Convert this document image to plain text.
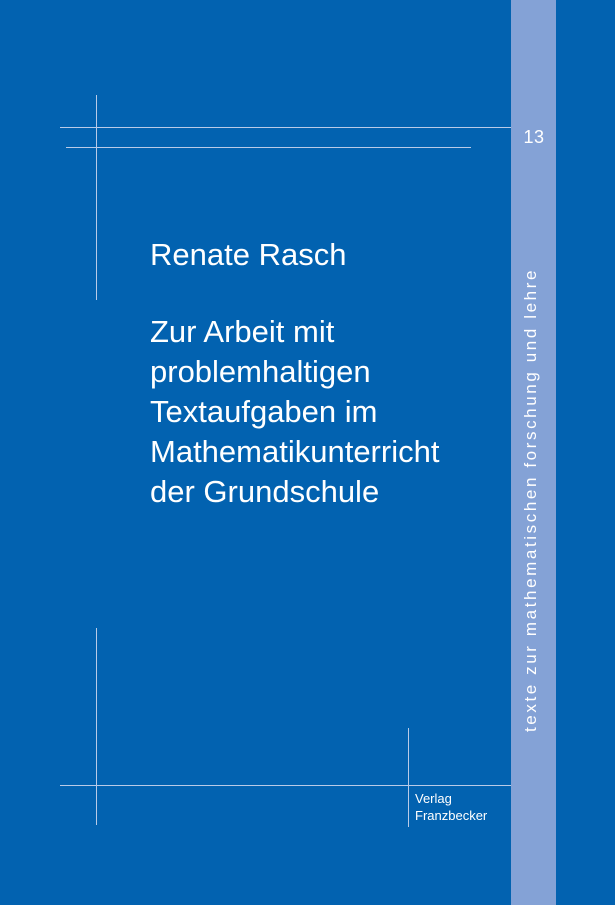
13
texte zur mathematischen forschung und lehre
Renate Rasch
Zur Arbeit mit
problemhaltigen
Textaufgaben im
Mathematikunterricht
der Grundschule
Verlag
Franzbecker
